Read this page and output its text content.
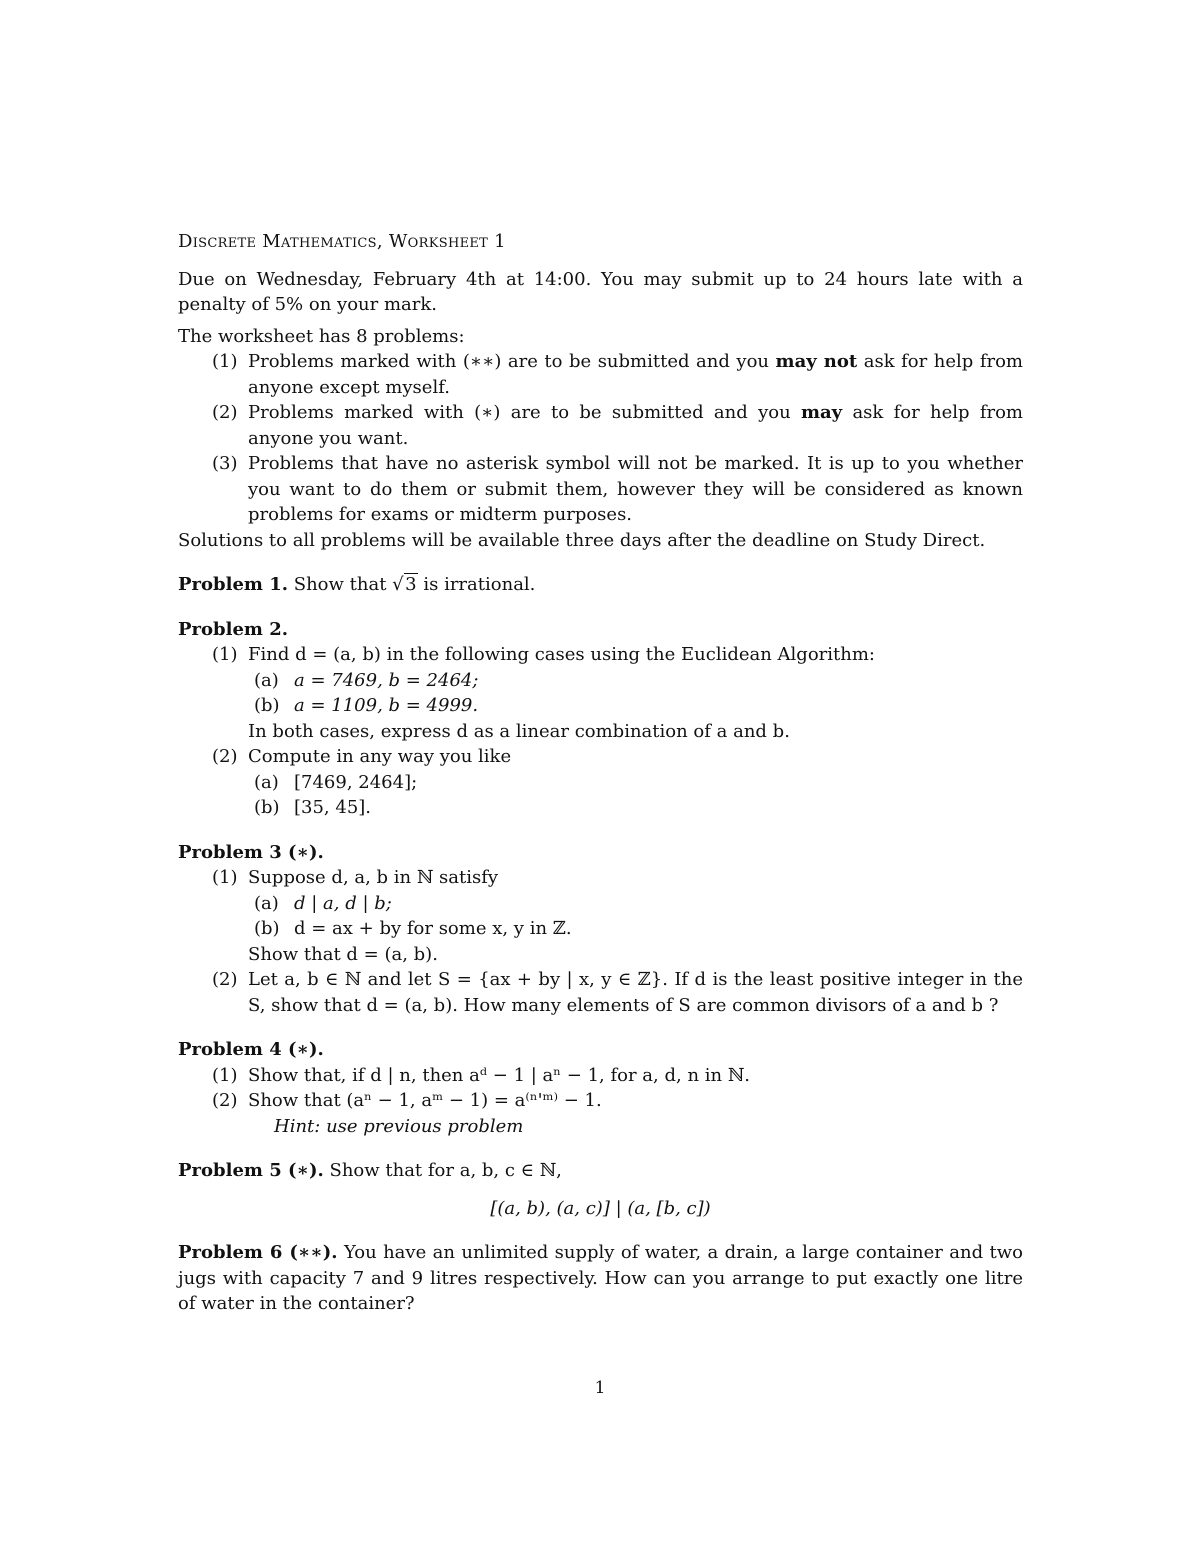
Discrete Mathematics, Worksheet 1

Due on Wednesday, February 4th at 14:00. You may submit up to 24 hours late with a penalty of 5% on your mark.

The worksheet has 8 problems:

(1) Problems marked with (∗∗) are to be submitted and you may not ask for help from anyone except myself.
(2) Problems marked with (∗) are to be submitted and you may ask for help from anyone you want.
(3) Problems that have no asterisk symbol will not be marked. It is up to you whether you want to do them or submit them, however they will be considered as known problems for exams or midterm purposes.

Solutions to all problems will be available three days after the deadline on Study Direct.

Problem 1. Show that √ 3 is irrational.

Problem 2.

(1) Find d = (a, b) in the following cases using the Euclidean Algorithm:
(a) a = 7469, b = 2464;
(b) a = 1109, b = 4999.
In both cases, express d as a linear combination of a and b.
(2) Compute in any way you like
(a) [7469, 2464];
(b) [35, 45].

Problem 3 (∗).

(1) Suppose d, a, b in ℕ satisfy
(a) d | a, d | b;
(b) d = ax + by for some x, y in ℤ.
Show that d = (a, b).
(2) Let a, b ∈ ℕ and let S = {ax + by | x, y ∈ ℤ}. If d is the least positive integer in the S, show that d = (a, b). How many elements of S are common divisors of a and b ?

Problem 4 (∗).

(1) Show that, if d | n, then aᵈ − 1 | aⁿ − 1, for a, d, n in ℕ.
(2) Show that (aⁿ − 1, aᵐ − 1) = a⁽ⁿ'ᵐ⁾ − 1.

Hint: use previous problem

Problem 5 (∗). Show that for a, b, c ∈ ℕ,

[(a, b), (a, c)] | (a, [b, c])

Problem 6 (∗∗). You have an unlimited supply of water, a drain, a large container and two jugs with capacity 7 and 9 litres respectively. How can you arrange to put exactly one litre of water in the container?
1
